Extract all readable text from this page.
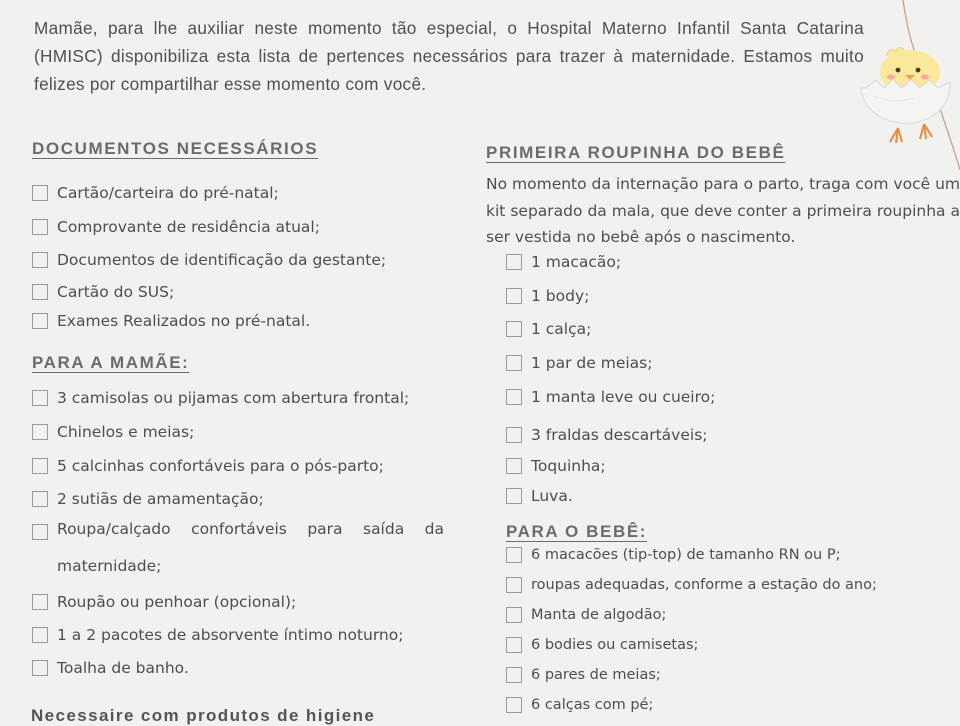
Mamãe, para lhe auxiliar neste momento tão especial, o Hospital Materno Infantil Santa Catarina (HMISC) disponibiliza esta lista de pertences necessários para trazer à maternidade. Estamos muito felizes por compartilhar esse momento com você.
DOCUMENTOS NECESSÁRIOS
Cartão/carteira do pré-natal;
Comprovante de residência atual;
Documentos de identificação da gestante;
Cartão do SUS;
Exames Realizados no pré-natal.
PARA A MAMÃE:
3 camisolas ou pijamas com abertura frontal;
Chinelos e meias;
5 calcinhas confortáveis para o pós-parto;
2 sutiãs de amamentação;
Roupa/calçado confortáveis para saída da
maternidade;
Roupão ou penhoar (opcional);
1 a 2 pacotes de absorvente íntimo noturno;
Toalha de banho.
Necessaire com produtos de higiene
PRIMEIRA ROUPINHA DO BEBÊ
No momento da internação para o parto, traga com você um kit separado da mala, que deve conter a primeira roupinha a ser vestida no bebê após o nascimento.
1 macacão;
1 body;
1 calça;
1 par de meias;
1 manta leve ou cueiro;
3 fraldas descartáveis;
Toquinha;
Luva.
PARA O BEBÊ:
6 macacões (tip-top) de tamanho RN ou P;
roupas adequadas, conforme a estação do ano;
Manta de algodão;
6 bodies ou camisetas;
6 pares de meias;
6 calças com pé;
